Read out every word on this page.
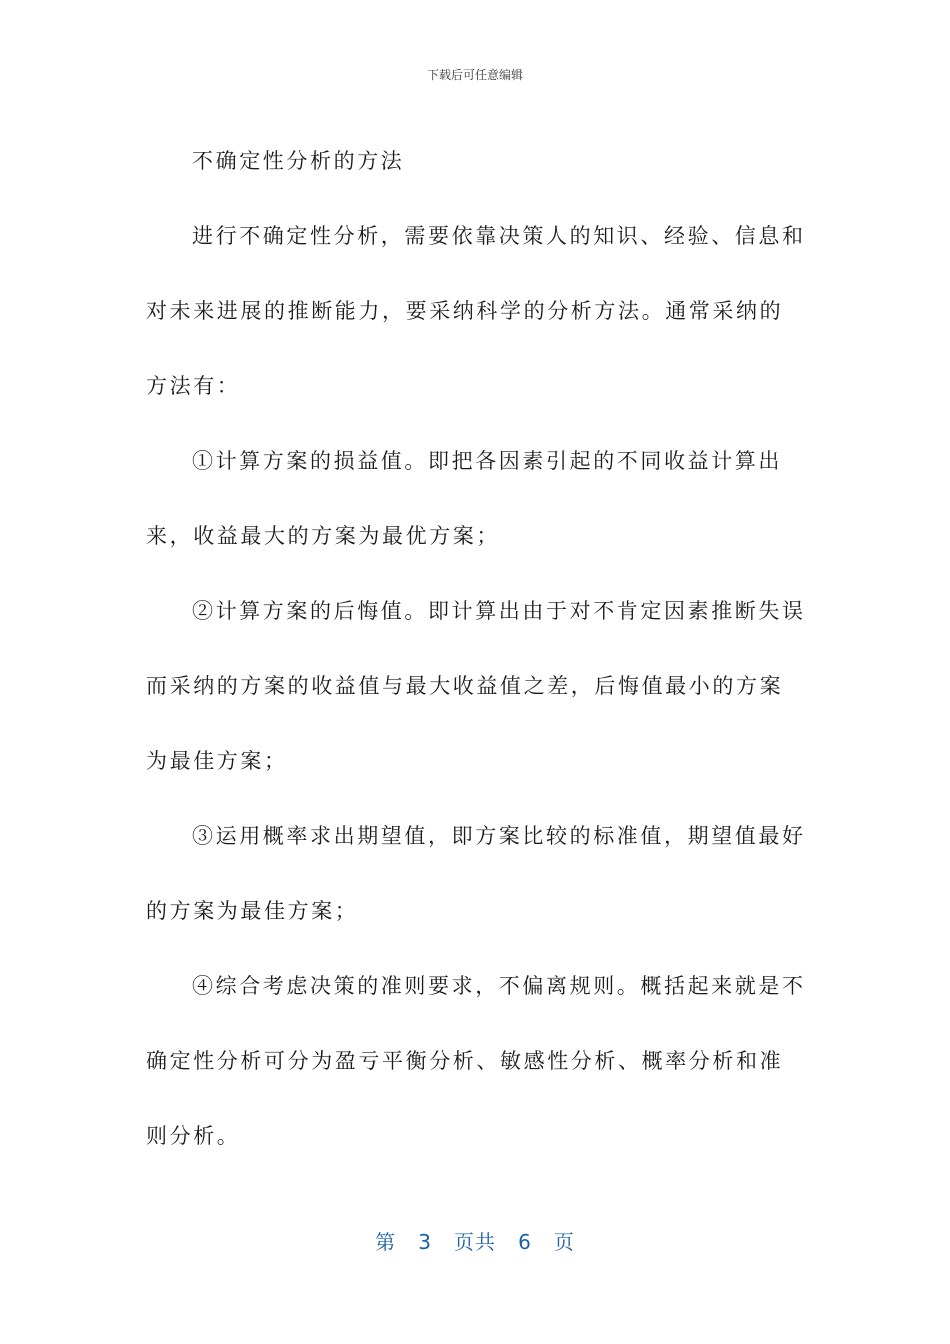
下载后可任意编辑

不确定性分析的方法

进行不确定性分析，需要依靠决策人的知识、经验、信息和对未来进展的推断能力，要采纳科学的分析方法。通常采纳的方法有：

①计算方案的损益值。即把各因素引起的不同收益计算出来，收益最大的方案为最优方案；

②计算方案的后悔值。即计算出由于对不肯定因素推断失误而采纳的方案的收益值与最大收益值之差，后悔值最小的方案为最佳方案；

③运用概率求出期望值，即方案比较的标准值，期望值最好的方案为最佳方案；

④综合考虑决策的准则要求，不偏离规则。概括起来就是不确定性分析可分为盈亏平衡分析、敏感性分析、概率分析和准则分析。

第 3 页共 6 页
